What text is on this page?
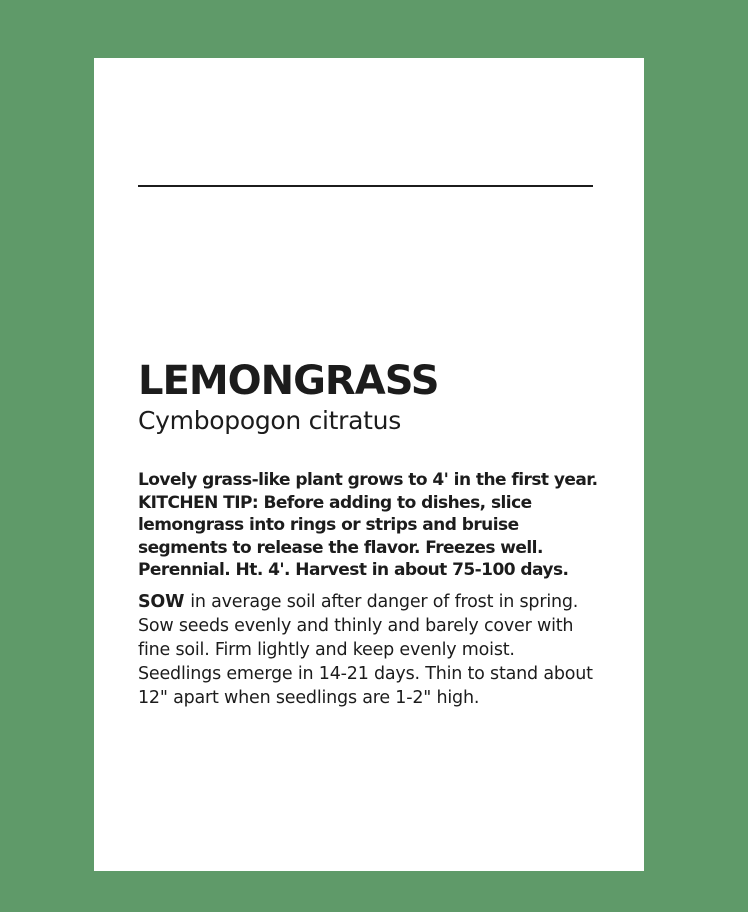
LEMONGRASS

Cymbopogon citratus

Lovely grass-like plant grows to 4' in the first year. KITCHEN TIP: Before adding to dishes, slice lemongrass into rings or strips and bruise segments to release the flavor. Freezes well. Perennial. Ht. 4'. Harvest in about 75-100 days.

SOW in average soil after danger of frost in spring. Sow seeds evenly and thinly and barely cover with fine soil. Firm lightly and keep evenly moist. Seedlings emerge in 14-21 days. Thin to stand about 12" apart when seedlings are 1-2" high.
